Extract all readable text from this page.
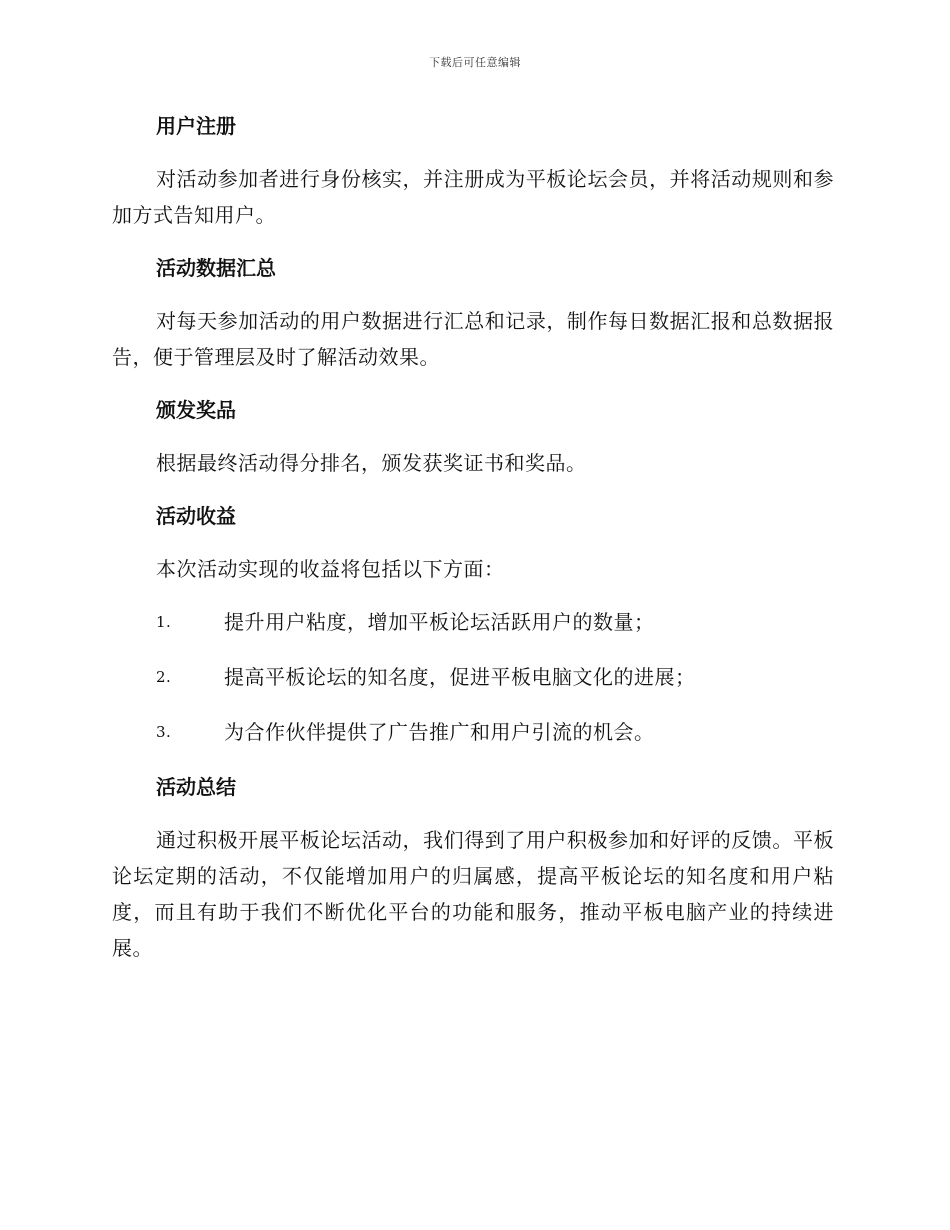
下载后可任意编辑
用户注册

对活动参加者进行身份核实，并注册成为平板论坛会员，并将活动规则和参加方式告知用户。

活动数据汇总

对每天参加活动的用户数据进行汇总和记录，制作每日数据汇报和总数据报告，便于管理层及时了解活动效果。

颁发奖品

根据最终活动得分排名，颁发获奖证书和奖品。

活动收益

本次活动实现的收益将包括以下方面：

1.	提升用户粘度，增加平板论坛活跃用户的数量；
2.	提高平板论坛的知名度，促进平板电脑文化的进展；
3.	为合作伙伴提供了广告推广和用户引流的机会。
活动总结

通过积极开展平板论坛活动，我们得到了用户积极参加和好评的反馈。平板论坛定期的活动，不仅能增加用户的归属感，提高平板论坛的知名度和用户粘度，而且有助于我们不断优化平台的功能和服务，推动平板电脑产业的持续进展。
